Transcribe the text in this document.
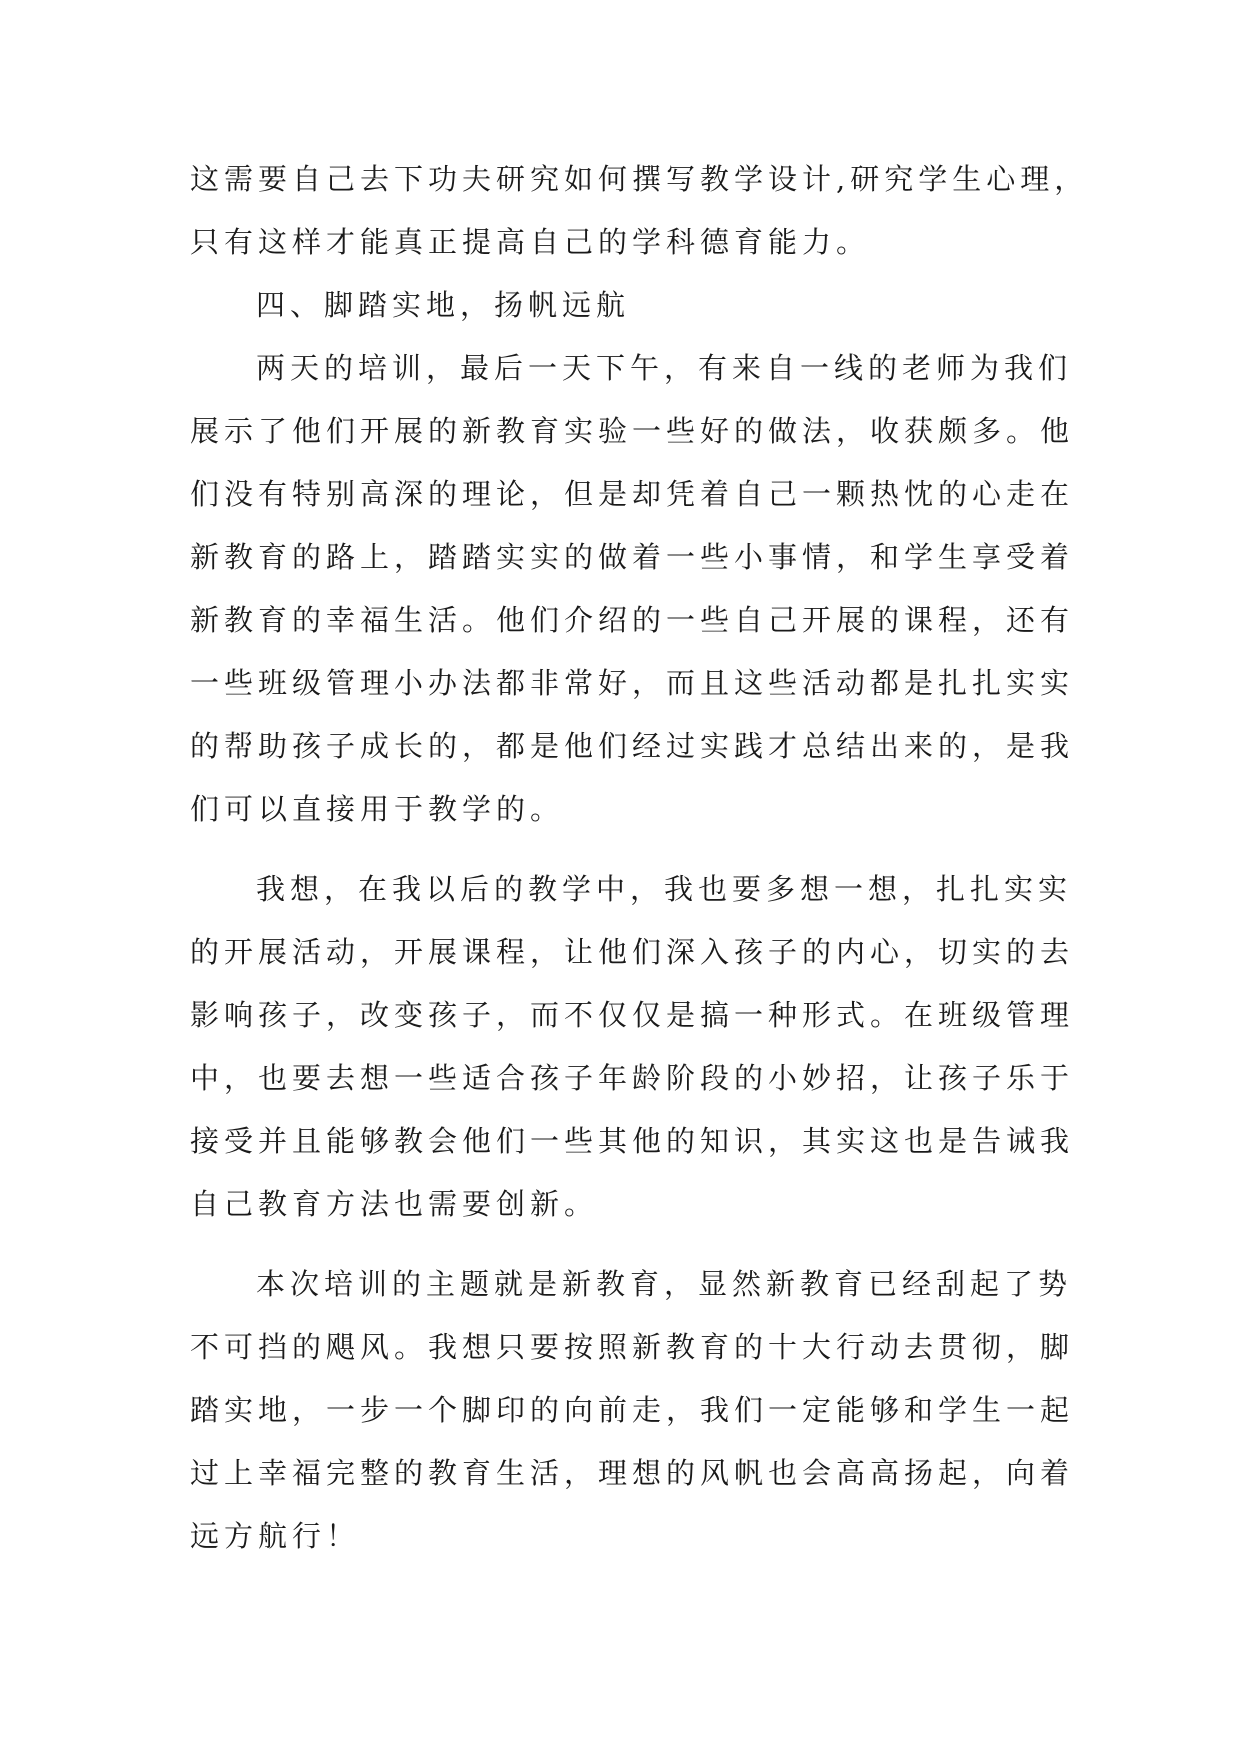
这需要自己去下功夫研究如何撰写教学设计,研究学生心理，
只有这样才能真正提高自己的学科德育能力。
四、脚踏实地，扬帆远航
两天的培训，最后一天下午，有来自一线的老师为我们
展示了他们开展的新教育实验一些好的做法，收获颇多。他
们没有特别高深的理论，但是却凭着自己一颗热忱的心走在
新教育的路上，踏踏实实的做着一些小事情，和学生享受着
新教育的幸福生活。他们介绍的一些自己开展的课程，还有
一些班级管理小办法都非常好，而且这些活动都是扎扎实实
的帮助孩子成长的，都是他们经过实践才总结出来的，是我
们可以直接用于教学的。
我想，在我以后的教学中，我也要多想一想，扎扎实实
的开展活动，开展课程，让他们深入孩子的内心，切实的去
影响孩子，改变孩子，而不仅仅是搞一种形式。在班级管理
中，也要去想一些适合孩子年龄阶段的小妙招，让孩子乐于
接受并且能够教会他们一些其他的知识，其实这也是告诫我
自己教育方法也需要创新。
本次培训的主题就是新教育，显然新教育已经刮起了势
不可挡的飓风。我想只要按照新教育的十大行动去贯彻，脚
踏实地，一步一个脚印的向前走，我们一定能够和学生一起
过上幸福完整的教育生活，理想的风帆也会高高扬起，向着
远方航行！
